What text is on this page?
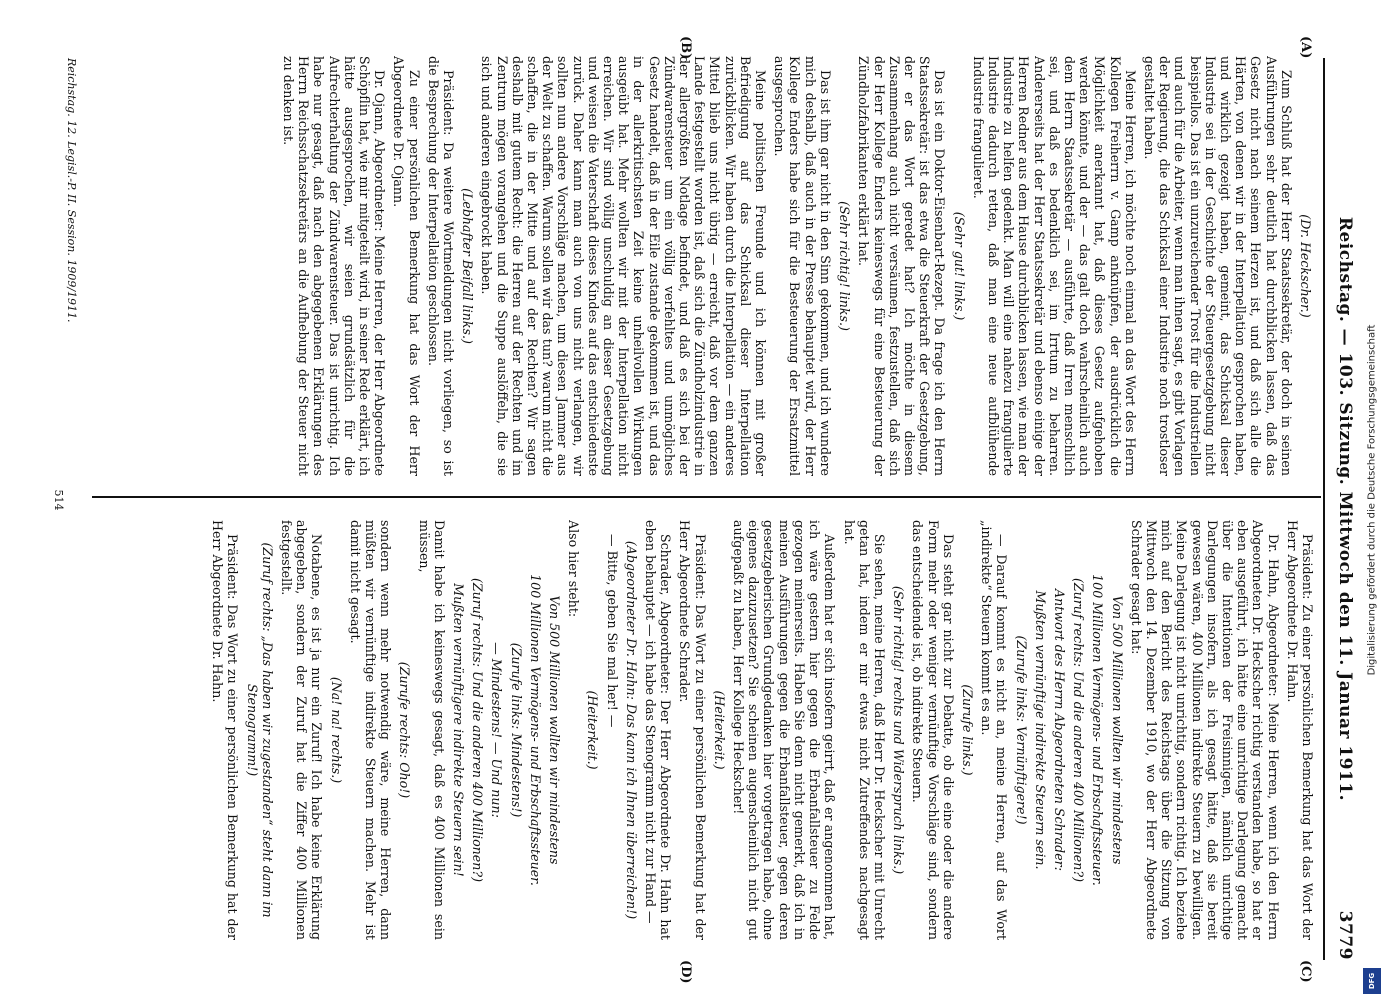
Reichstag. — 103. Sitzung. Mittwoch den 11. Januar 1911.
3779
(A)
(B)
(C)
(D)

(Dr. Heckscher.)

Zum Schluß hat der Herr Staatssekretär, der doch in seinen Ausführungen sehr deutlich hat durchblicken lassen, daß das Gesetz nicht nach seinem Herzen ist, und daß sich alle die Härten, von denen wir in der Interpellation gesprochen haben, und wirklich gezeigt haben, gemeint, das Schicksal dieser Industrie sei in der Geschichte der Steuergesetzgebung nicht beispiellos. Das ist ein unzureichender Trost für die Industriellen und auch für die Arbeiter, wenn man ihnen sagt, es gibt Vorlagen der Regierung, die das Schicksal einer Industrie noch trostloser gestaltet haben.

Meine Herren, ich möchte noch einmal an das Wort des Herrn Kollegen Freiherrn v. Gamp anknüpfen, der ausdrücklich die Möglichkeit anerkannt hat, daß dieses Gesetz aufgehoben werden könnte, und der — das galt doch wahrscheinlich auch dem Herrn Staatssekretär — ausführte, daß Irren menschlich sei, und daß es bedenklich sei, im Irrtum zu beharren. Andererseits hat der Herr Staatssekretär und ebenso einige der Herren Redner aus dem Hause durchblicken lassen, wie man der Industrie zu helfen gedenkt. Man will eine nahezu frangulierte Industrie dadurch retten, daß man eine neue aufblühende Industrie frangulieret.

(Sehr gut! links.)

Das ist ein Doktor-Eisenbart-Rezept. Da frage ich den Herrn Staatssekretär: ist das etwa die Steuerkraft der Gesetzgebung, der er das Wort geredet hat? Ich möchte in diesem Zusammenhang auch nicht versäumen, festzustellen, daß sich der Herr Kollege Enders keineswegs für eine Besteuerung der Zündholzfabrikanten erklärt hat.

(Sehr richtig! links.)

Das ist ihm gar nicht in den Sinn gekommen, und ich wundere mich deshalb, daß auch in der Presse behauptet wird, der Herr Kollege Enders habe sich für die Besteuerung der Ersatzmittel ausgesprochen.

Meine politischen Freunde und ich können mit großer Befriedigung auf das Schicksal dieser Interpellation zurückblicken. Wir haben durch die Interpellation — ein anderes Mittel blieb uns nicht übrig — erreicht, daß vor dem ganzen Lande festgestellt worden ist, daß sich die Zündholzindustrie in der allergrößten Notlage befindet, und daß es sich bei der Zündwarensteuer um ein völlig verfehltes und unmögliches Gesetz handelt, daß in der Eile zustande gekommen ist, und das in der allerkritischsten Zeit keine unheilvollen Wirkungen ausgeübt hat. Mehr wollten wir mit der Interpellation nicht erreichen. Wir sind völlig unschuldig an dieser Gesetzgebung und weisen die Vaterschaft dieses Kindes auf das entschiedenste zurück. Daher kann man auch von uns nicht verlangen, wir sollten nun andere Vorschläge machen, um diesen Jammer aus der Welt zu schaffen. Warum sollen wir das tun? warum nicht die schaffen, die in der Mitte und auf der Rechten? Wir sagen deshalb mit gutem Recht: die Herren auf der Rechten und im Zentrum mögen vorangehen und die Suppe auslöffeln, die sie sich und anderen eingebrockt haben.

(Lebhafter Beifall links.)

Präsident: Da weitere Wortmeldungen nicht vorliegen, so ist die Besprechung der Interpellation geschlossen.

Zu einer persönlichen Bemerkung hat das Wort der Herr Abgeordnete Dr. Ojann.

Dr. Ojann, Abgeordneter: Meine Herren, der Herr Abgeordnete Schöpflin hat, wie mir mitgeteilt wird, in seiner Rede erklärt, ich hätte ausgesprochen, wir seien grundsätzlich für die Aufrechterhaltung der Zündwarensteuer. Das ist unrichtig. Ich habe nur gesagt, daß nach den abgegebenen Erklärungen des Herrn Reichsschatzsekretärs an die Aufhebung der Steuer nicht zu denken ist.

Präsident: Zu einer persönlichen Bemerkung hat das Wort der Herr Abgeordnete Dr. Hahn.

Dr. Hahn, Abgeordneter: Meine Herren, wenn ich den Herrn Abgeordneten Dr. Heckscher richtig verstanden habe, so hat er eben ausgeführt, ich hätte eine unrichtige Darlegung gemacht über die Intentionen der Freisinnigen, nämlich unrichtige Darlegungen insofern, als ich gesagt hätte, daß sie bereit gewesen wären, 400 Millionen indirekte Steuern zu bewilligen. Meine Darlegung ist nicht unrichtig, sondern richtig. Ich beziehe mich auf den Bericht des Reichstags über die Sitzung von Mittwoch den 14. Dezember 1910, wo der Herr Abgeordnete Schrader gesagt hat:

Von 500 Millionen wollten wir mindestens

100 Millionen Vermögens- und Erbschaftssteuer.

(Zuruf rechts: Und die anderen 400 Millionen?)

Antwort des Herrn Abgeordneten Schrader:

Mußten vernünftige indirekte Steuern sein.

(Zurufe links: Vernünftigere!)

— Darauf kommt es nicht an, meine Herren, auf das Wort „indirekte“ Steuern kommt es an.

(Zurufe links.)

Das steht gar nicht zur Debatte, ob die eine oder die andere Form mehr oder weniger vernünftige Vorschläge sind, sondern das entscheidende ist, ob indirekte Steuern.

(Sehr richtig! rechts und Widerspruch links.)

Sie sehen, meine Herren, daß Herr Dr. Heckscher mit Unrecht getan hat, indem er mir etwas nicht Zutreffendes nachgesagt hat.

Außerdem hat er sich insofern geirrt, daß er angenommen hat, ich wäre gestern hier gegen die Erbanfallsteuer zu Felde gezogen meinerseits. Haben Sie denn nicht gemerkt, daß ich in meinen Ausführungen gegen die Erbanfallsteuer, gegen deren gesetzgeberischen Grundgedanken hier vorgetragen habe, ohne eigenes dazuzusetzen? Sie scheinen augenscheinlich nicht gut aufgepaßt zu haben, Herr Kollege Heckscher!

(Heiterkeit.)

Präsident: Das Wort zu einer persönlichen Bemerkung hat der Herr Abgeordnete Schrader.

Schrader, Abgeordneter: Der Herr Abgeordnete Dr. Hahn hat eben behauptet — ich habe das Stenogramm nicht zur Hand —

(Abgeordneter Dr. Hahn: Das kann ich Ihnen überreichen!)

— Bitte, geben Sie mal her! —

(Heiterkeit.)

Also hier steht:

Von 500 Millionen wollten wir mindestens

100 Millionen Vermögens- und Erbschaftssteuer.

(Zurufe links: Mindestens!)

— Mindestens! — Und nun:

(Zuruf rechts: Und die anderen 400 Millionen?)

Mußten vernünftigere indirekte Steuern sein!

Damit habe ich keineswegs gesagt, daß es 400 Millionen sein müssen,

(Zurufe rechts: Oho!)

sondern wenn mehr notwendig wäre, meine Herren, dann müßten wir vernünftige indirekte Steuern machen. Mehr ist damit nicht gesagt.

(Na! na! rechts.)

Notabene, es ist ja nur ein Zuruf! Ich habe keine Erklärung abgegeben, sondern der Zuruf hat die Ziffer 400 Millionen festgestellt.

(Zuruf rechts: „Das haben wir zugestanden“ steht dann im Stenogramm!)

Präsident: Das Wort zu einer persönlichen Bemerkung hat der Herr Abgeordnete Dr. Hahn.

Reichstag. 12. Legisl.-P. II. Session. 1909/1911.
514	Digitalisierung gefördert durch die Deutsche Forschungsgemeinschaft
DFG
